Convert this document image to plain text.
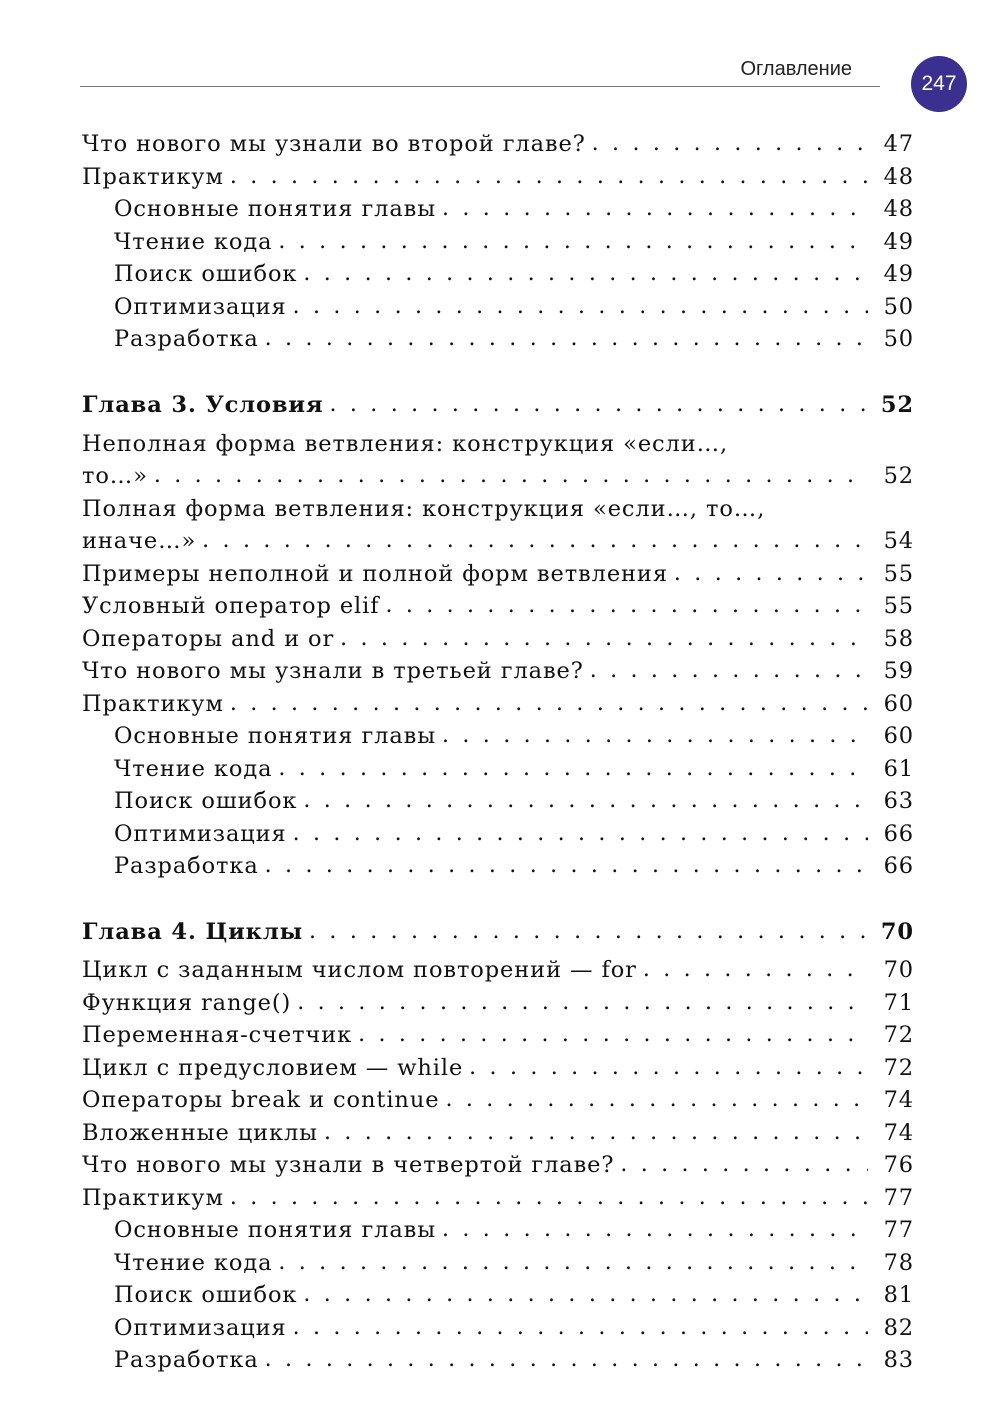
Оглавление
247
Что нового мы узнали во второй главе? . . .	47
Практикум . . .	48
Основные понятия главы . . .	48
Чтение кода . . .	49
Поиск ошибок . . .	49
Оптимизация . . .	50
Разработка . . .	50
Глава 3. Условия . . .	52
Неполная форма ветвления: конструкция «если…,
то…» . . .	52
Полная форма ветвления: конструкция «если…, то…,
иначе…» . . .	54
Примеры неполной и полной форм ветвления . . .	55
Условный оператор elif . . .	55
Операторы and и or . . .	58
Что нового мы узнали в третьей главе? . . .	59
Практикум . . .	60
Основные понятия главы . . .	60
Чтение кода . . .	61
Поиск ошибок . . .	63
Оптимизация . . .	66
Разработка . . .	66
Глава 4. Циклы . . .	70
Цикл с заданным числом повторений — for . . .	70
Функция range() . . .	71
Переменная-счетчик . . .	72
Цикл с предусловием — while . . .	72
Операторы break и continue . . .	74
Вложенные циклы . . .	74
Что нового мы узнали в четвертой главе? . . .	76
Практикум . . .	77
Основные понятия главы . . .	77
Чтение кода . . .	78
Поиск ошибок . . .	81
Оптимизация . . .	82
Разработка . . .	83
